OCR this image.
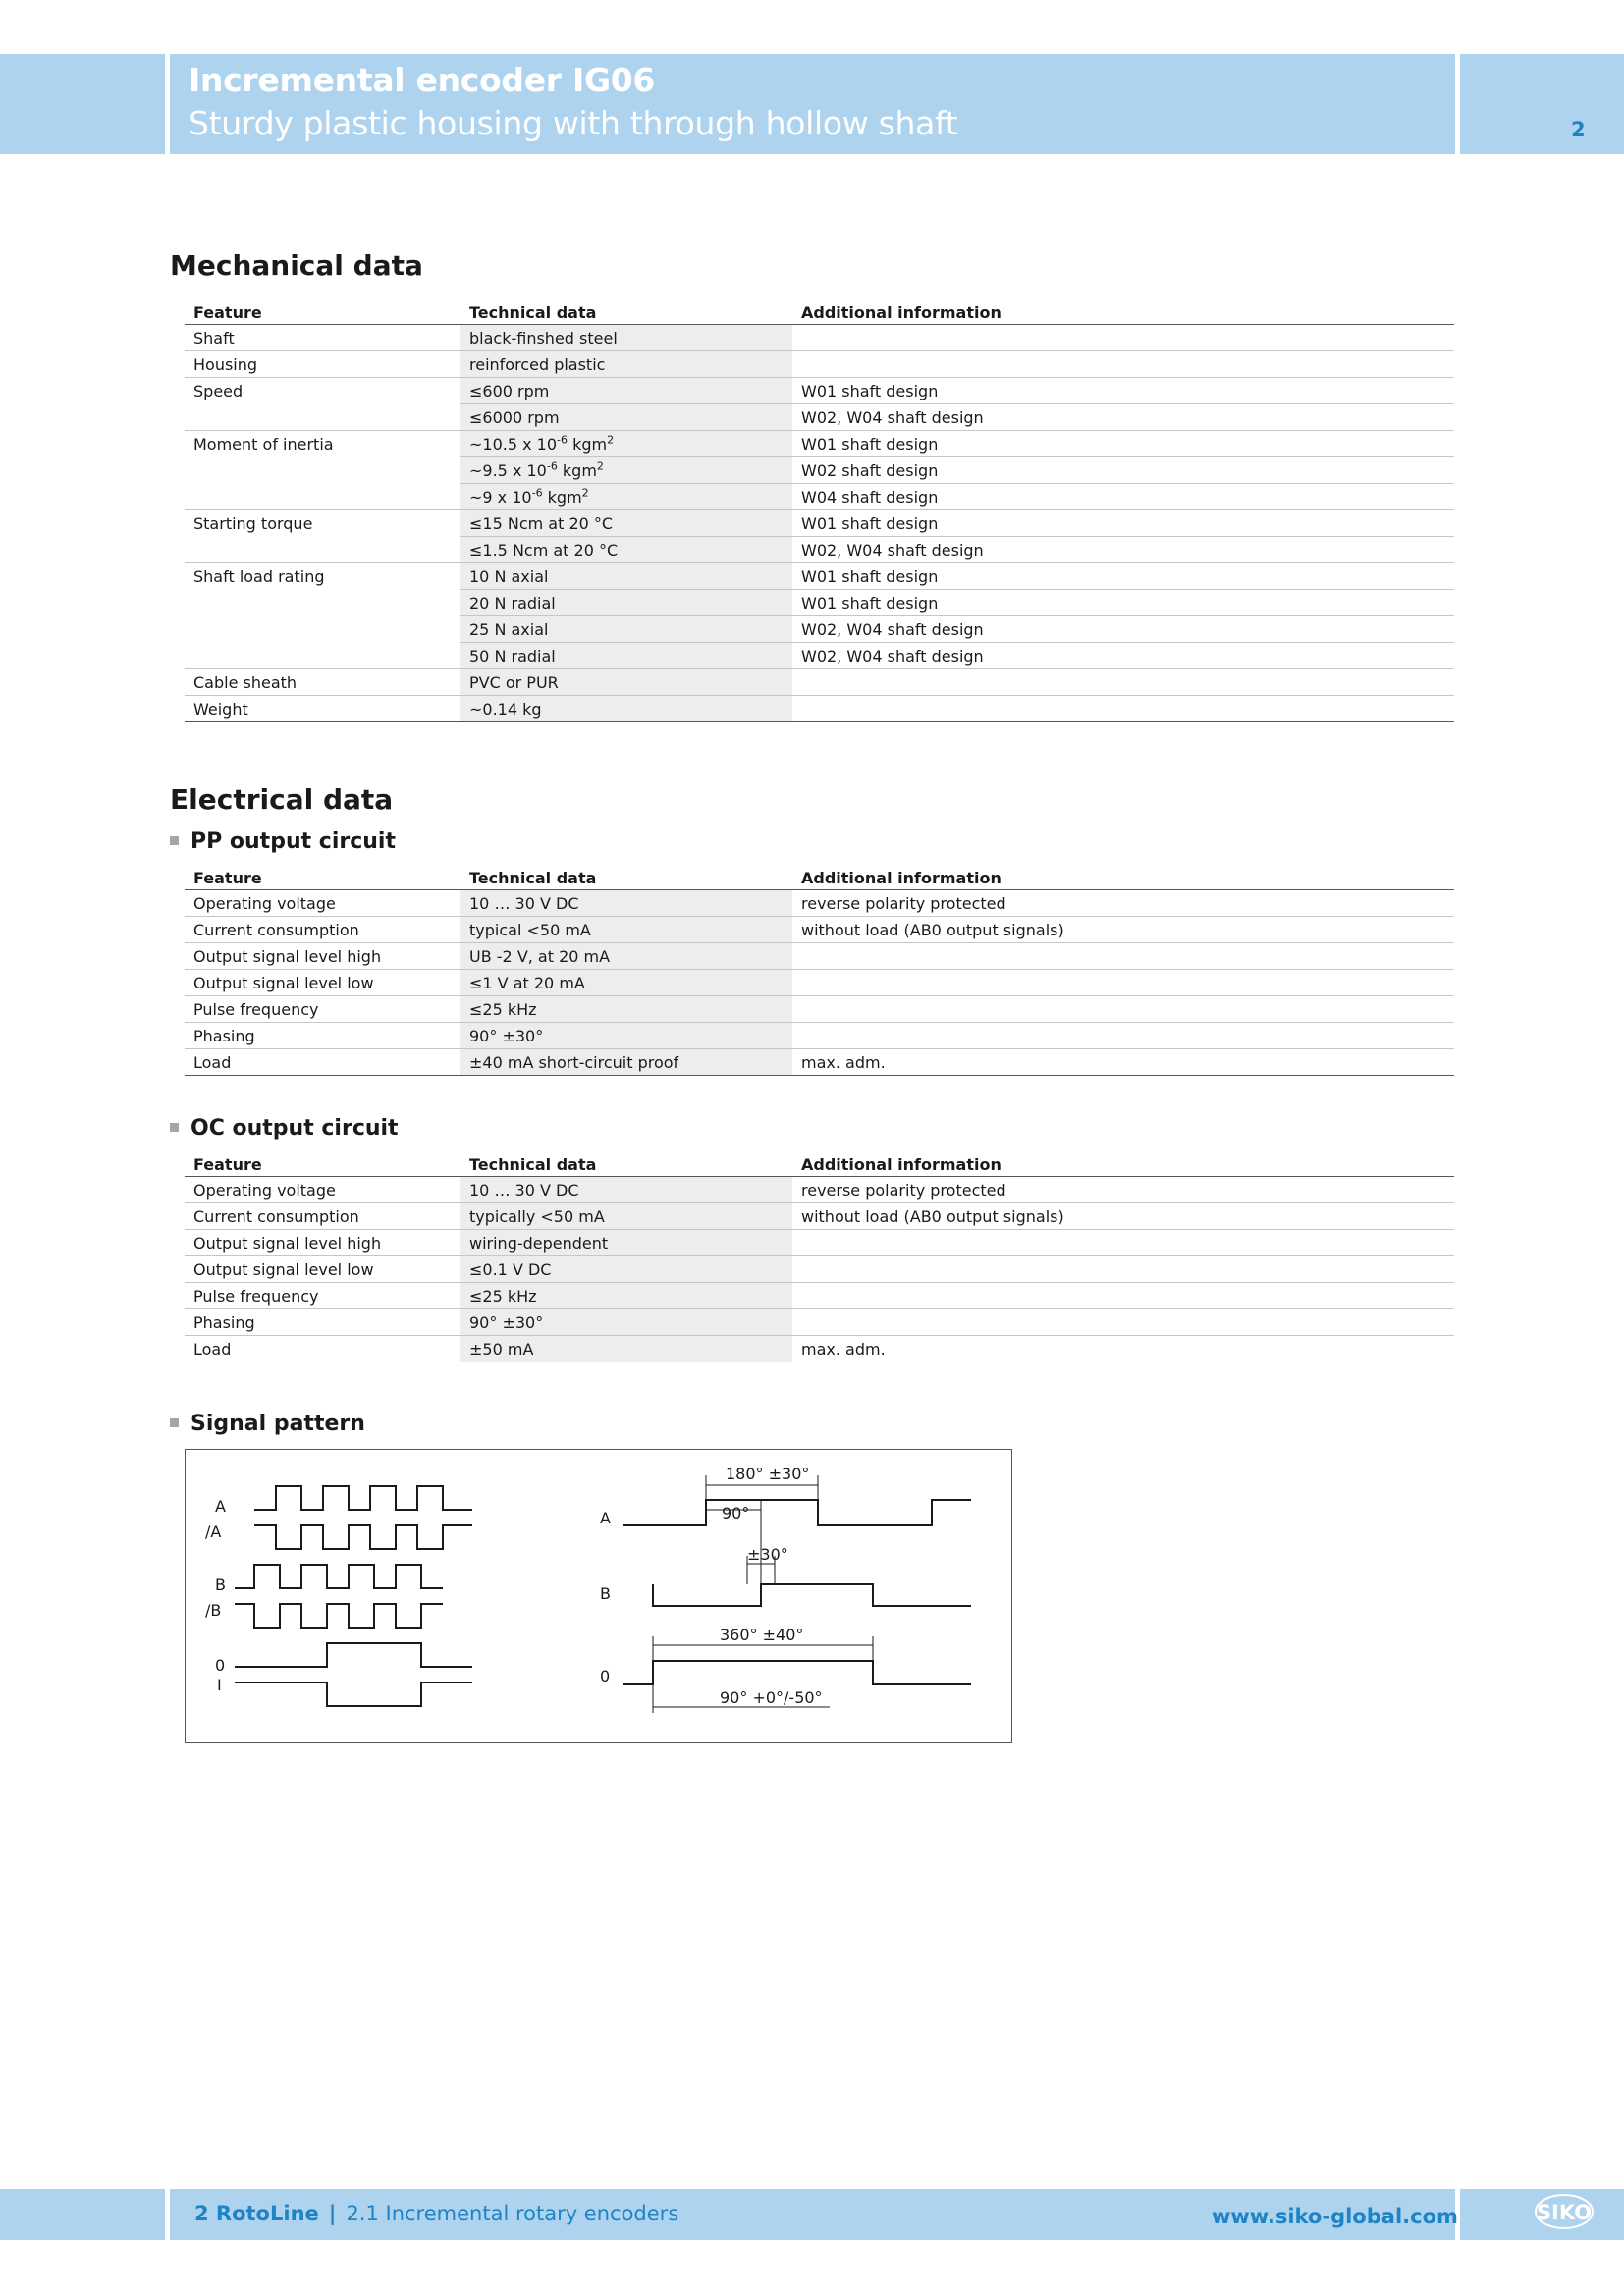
Incremental encoder IG06
Sturdy plastic housing with through hollow shaft	2
Mechanical data
Feature	Technical data	Additional information
Shaft	black-finshed steel	
Housing	reinforced plastic	
Speed	≤600 rpm	W01 shaft design
	≤6000 rpm	W02, W04 shaft design
Moment of inertia	~10.5 x $10^{-6}$ kgm$^2$	W01 shaft design
	~9.5 x $10^{-6}$ kgm$^2$	W02 shaft design
	~9 x $10^{-6}$ kgm$^2$	W04 shaft design
Starting torque	≤15 Ncm at 20 °C	W01 shaft design
	≤1.5 Ncm at 20 °C	W02, W04 shaft design
Shaft load rating	10 N axial	W01 shaft design
	20 N radial	W01 shaft design
	25 N axial	W02, W04 shaft design
	50 N radial	W02, W04 shaft design
Cable sheath	PVC or PUR	
Weight	~0.14 kg	
Electrical data
PP output circuit
Feature	Technical data	Additional information
Operating voltage	10 … 30 V DC	reverse polarity protected
Current consumption	typical <50 mA	without load (AB0 output signals)
Output signal level high	UB -2 V, at 20 mA	
Output signal level low	≤1 V at 20 mA	
Pulse frequency	≤25 kHz	
Phasing	90° ±30°	
Load	±40 mA short-circuit proof	max. adm.
OC output circuit
Feature	Technical data	Additional information
Operating voltage	10 … 30 V DC	reverse polarity protected
Current consumption	typically <50 mA	without load (AB0 output signals)
Output signal level high	wiring-dependent	
Output signal level low	≤0.1 V DC	
Pulse frequency	≤25 kHz	
Phasing	90° ±30°	
Load	±50 mA	max. adm.
Signal pattern
A
/A
B
/B
0
I
A
B
0
180° ±30°
90°
±30°
360° ±40°
90° +0°/-50°
2 RotoLine | 2.1 Incremental rotary encoders	www.siko-global.com	SIKO
